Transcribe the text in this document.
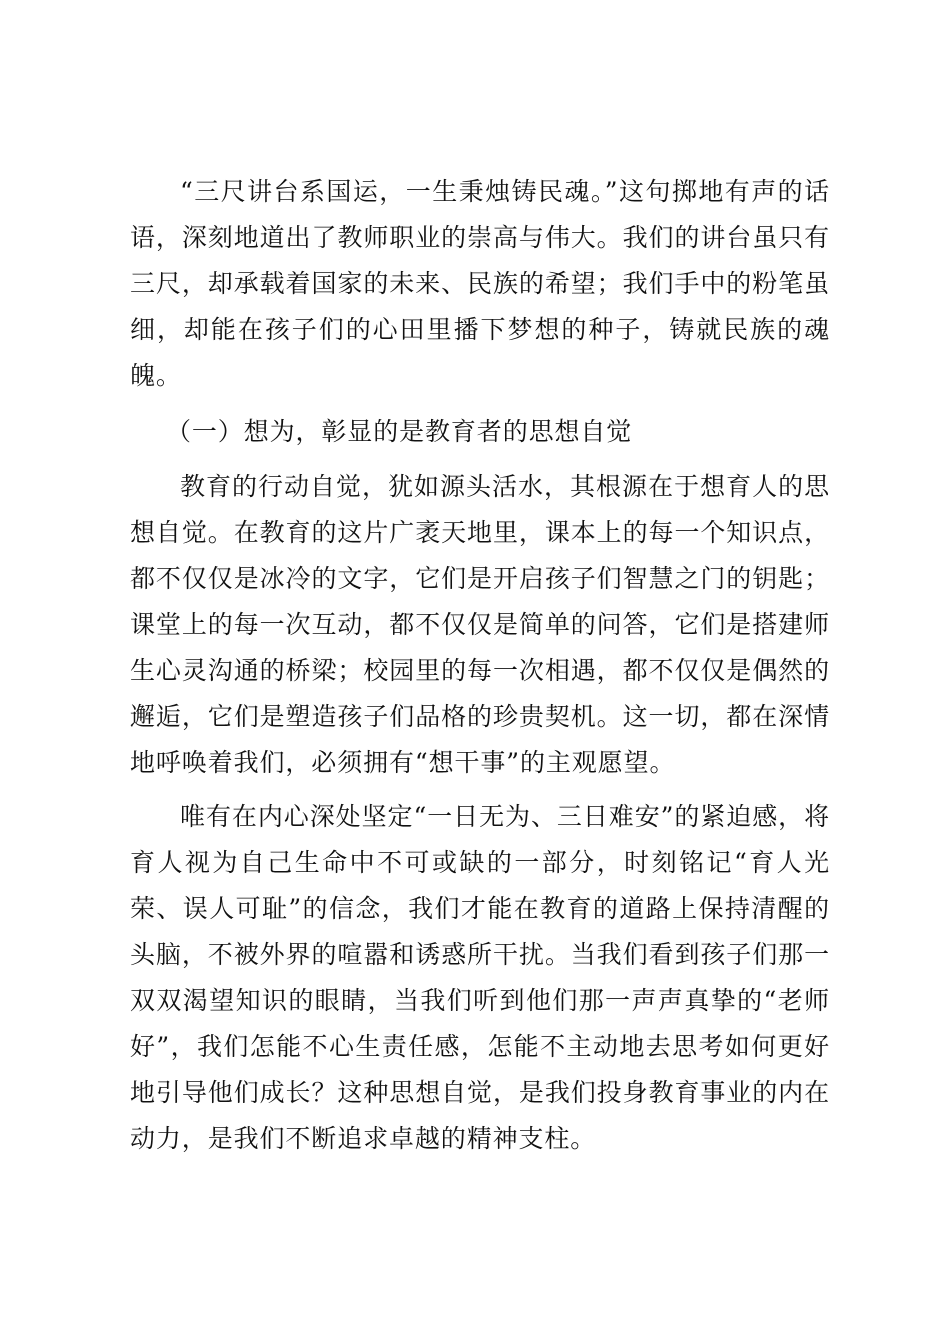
“三尺讲台系国运，一生秉烛铸民魂。”这句掷地有声的话语，深刻地道出了教师职业的崇高与伟大。我们的讲台虽只有三尺，却承载着国家的未来、民族的希望；我们手中的粉笔虽细，却能在孩子们的心田里播下梦想的种子，铸就民族的魂魄。

（一）想为，彰显的是教育者的思想自觉

教育的行动自觉，犹如源头活水，其根源在于想育人的思想自觉。在教育的这片广袤天地里，课本上的每一个知识点，都不仅仅是冰冷的文字，它们是开启孩子们智慧之门的钥匙；课堂上的每一次互动，都不仅仅是简单的问答，它们是搭建师生心灵沟通的桥梁；校园里的每一次相遇，都不仅仅是偶然的邂逅，它们是塑造孩子们品格的珍贵契机。这一切，都在深情地呼唤着我们，必须拥有“想干事”的主观愿望。

唯有在内心深处坚定“一日无为、三日难安”的紧迫感，将育人视为自己生命中不可或缺的一部分，时刻铭记“育人光荣、误人可耻”的信念，我们才能在教育的道路上保持清醒的头脑，不被外界的喧嚣和诱惑所干扰。当我们看到孩子们那一双双渴望知识的眼睛，当我们听到他们那一声声真挚的“老师好”，我们怎能不心生责任感，怎能不主动地去思考如何更好地引导他们成长？这种思想自觉，是我们投身教育事业的内在动力，是我们不断追求卓越的精神支柱。
